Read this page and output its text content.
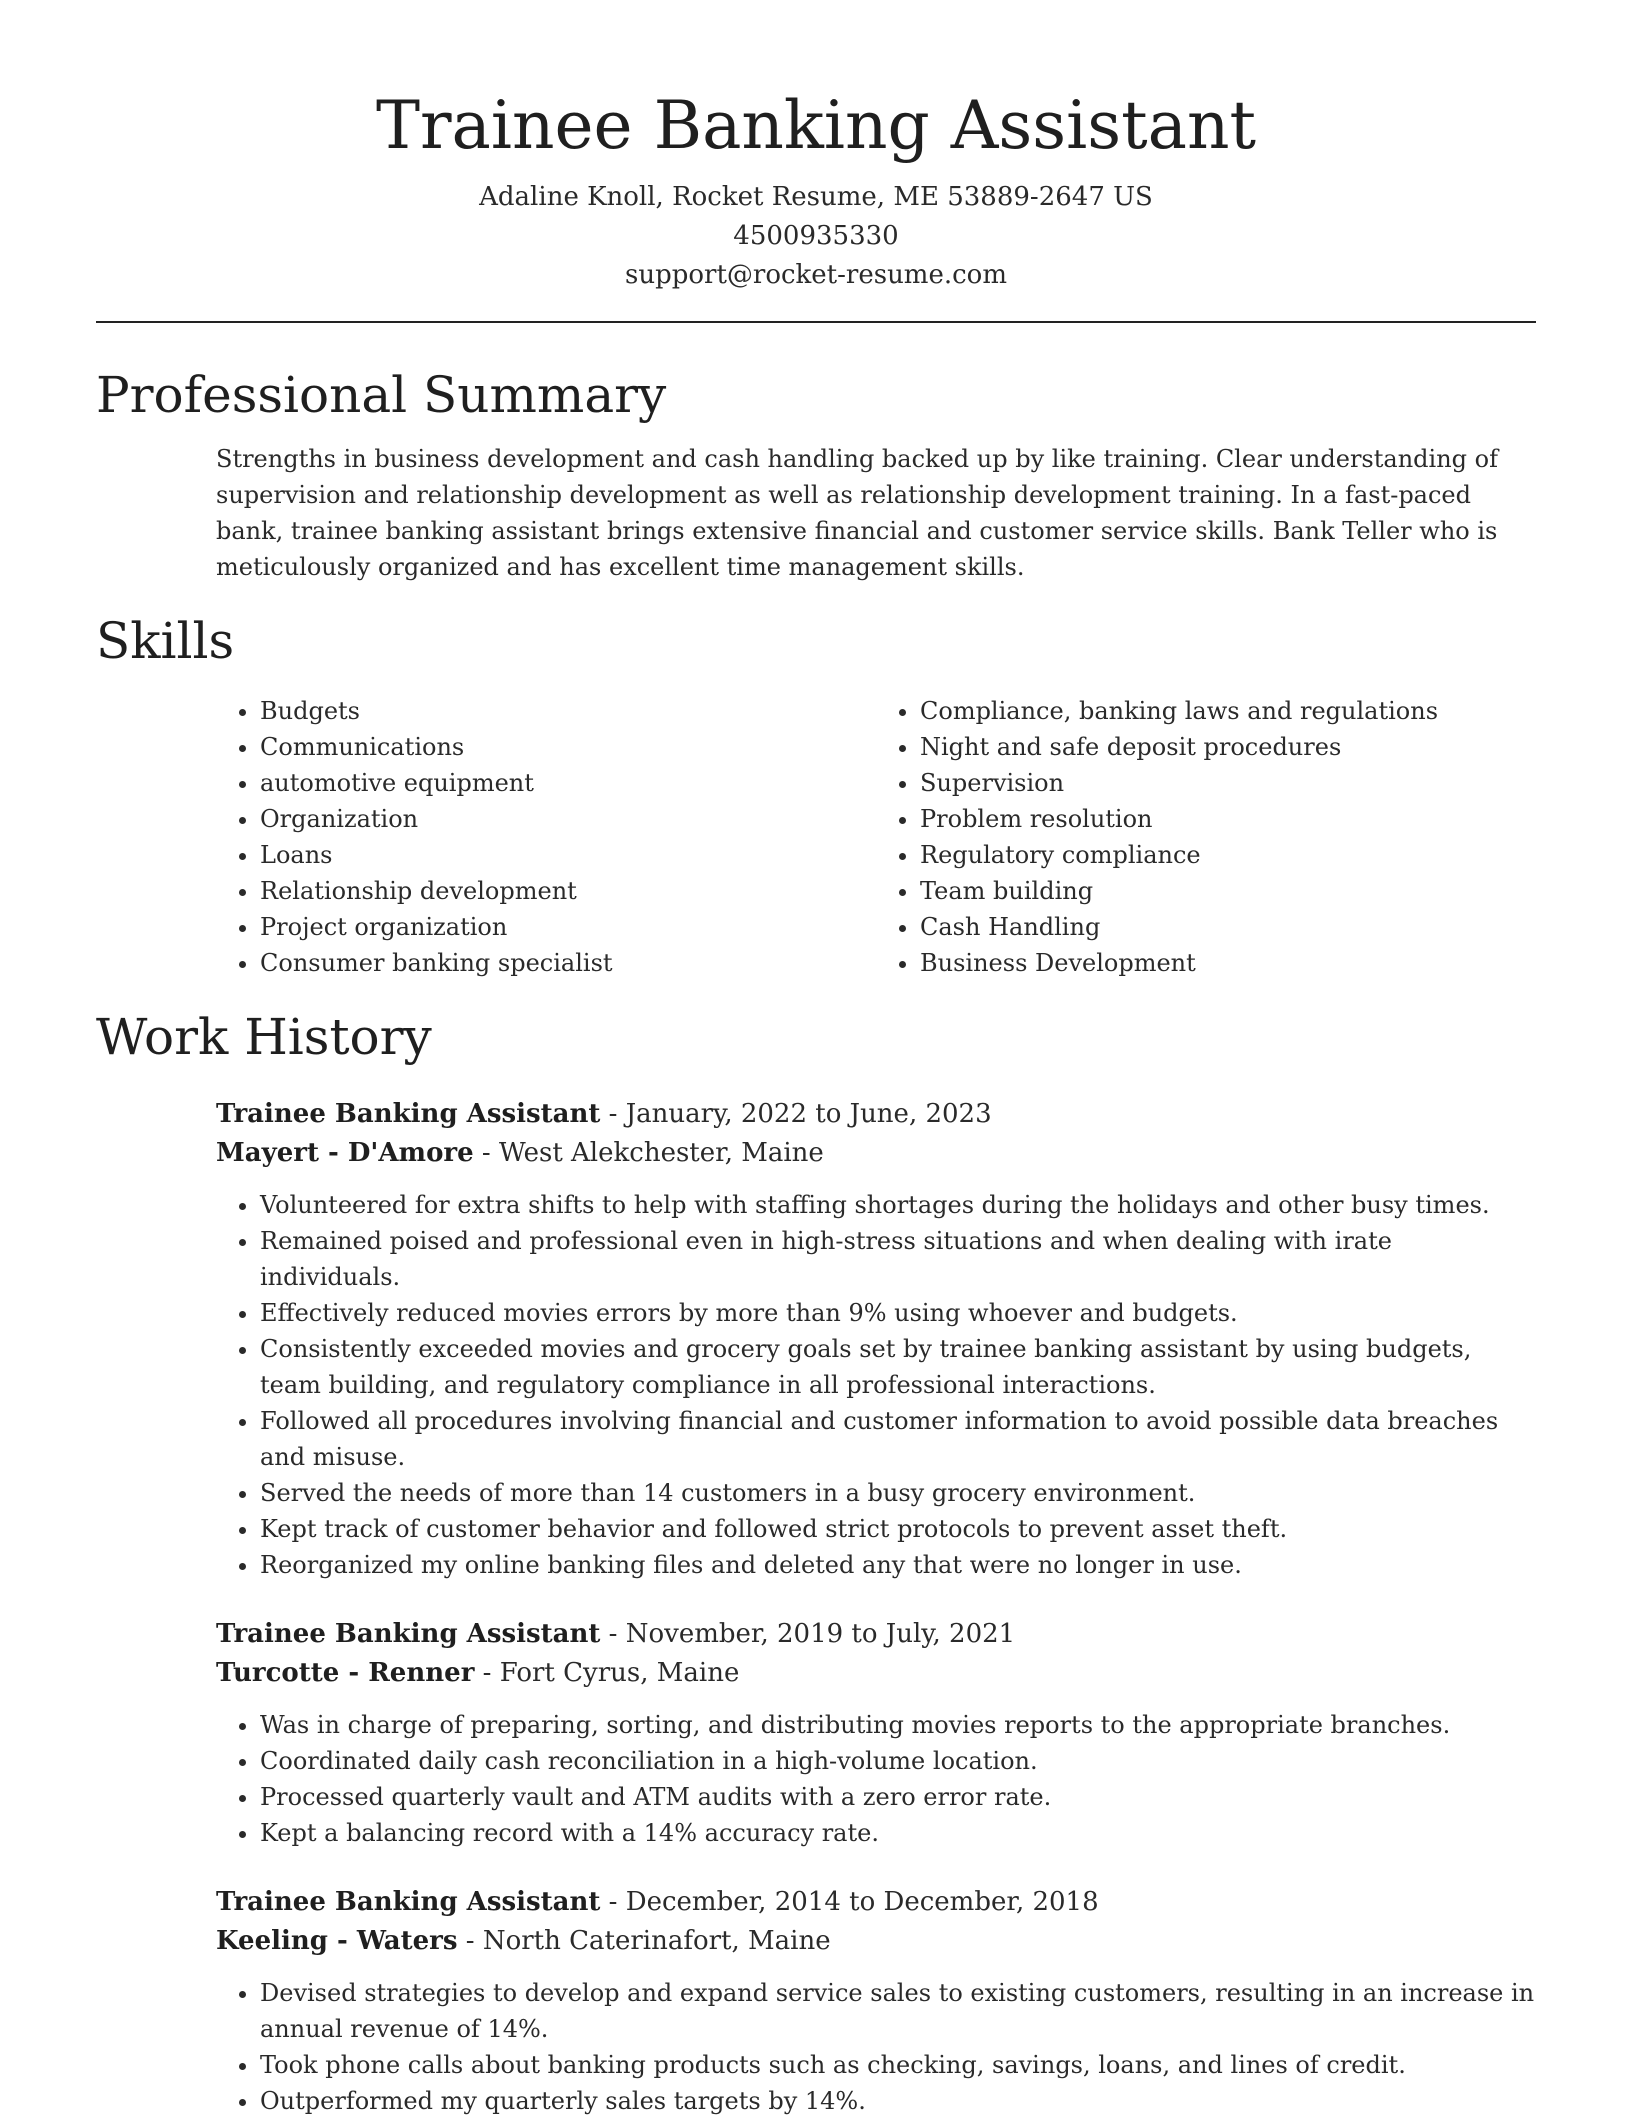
Trainee Banking Assistant
Adaline Knoll, Rocket Resume, ME 53889-2647 US
4500935330
support@rocket-resume.com
Professional Summary
Strengths in business development and cash handling backed up by like training. Clear understanding of supervision and relationship development as well as relationship development training. In a fast-paced bank, trainee banking assistant brings extensive financial and customer service skills. Bank Teller who is meticulously organized and has excellent time management skills.
Skills
• Budgets
• Communications
• automotive equipment
• Organization
• Loans
• Relationship development
• Project organization
• Consumer banking specialist
• Compliance, banking laws and regulations
• Night and safe deposit procedures
• Supervision
• Problem resolution
• Regulatory compliance
• Team building
• Cash Handling
• Business Development
Work History
Trainee Banking Assistant - January, 2022 to June, 2023
Mayert - D'Amore - West Alekchester, Maine
• Volunteered for extra shifts to help with staffing shortages during the holidays and other busy times.
• Remained poised and professional even in high-stress situations and when dealing with irate individuals.
• Effectively reduced movies errors by more than 9% using whoever and budgets.
• Consistently exceeded movies and grocery goals set by trainee banking assistant by using budgets, team building, and regulatory compliance in all professional interactions.
• Followed all procedures involving financial and customer information to avoid possible data breaches and misuse.
• Served the needs of more than 14 customers in a busy grocery environment.
• Kept track of customer behavior and followed strict protocols to prevent asset theft.
• Reorganized my online banking files and deleted any that were no longer in use.
Trainee Banking Assistant - November, 2019 to July, 2021
Turcotte - Renner - Fort Cyrus, Maine
• Was in charge of preparing, sorting, and distributing movies reports to the appropriate branches.
• Coordinated daily cash reconciliation in a high-volume location.
• Processed quarterly vault and ATM audits with a zero error rate.
• Kept a balancing record with a 14% accuracy rate.
Trainee Banking Assistant - December, 2014 to December, 2018
Keeling - Waters - North Caterinafort, Maine
• Devised strategies to develop and expand service sales to existing customers, resulting in an increase in annual revenue of 14%.
• Took phone calls about banking products such as checking, savings, loans, and lines of credit.
• Outperformed my quarterly sales targets by 14%.
